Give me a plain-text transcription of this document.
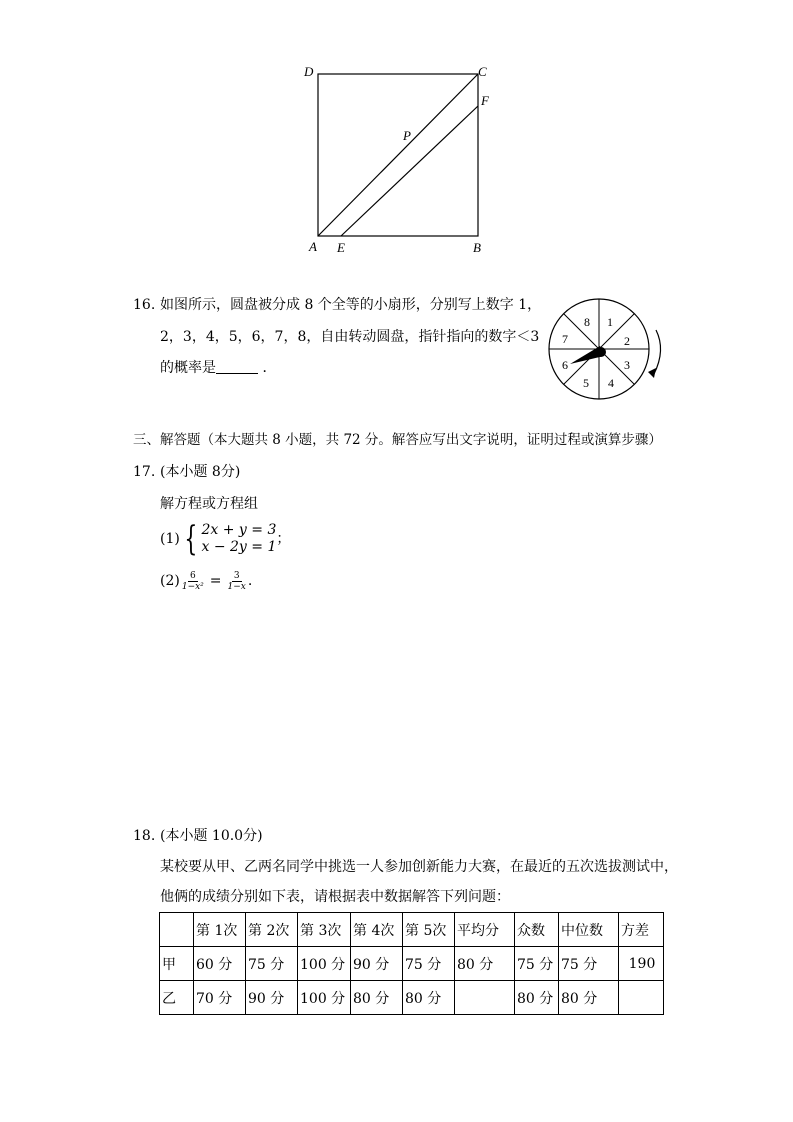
D	C
F
P
A E	B
16. 如图所示，圆盘被分成 8 个全等的小扇形，分别写上数字 1，
2，3，4，5，6，7，8，自由转动圆盘，指针指向的数字＜3
的概率是	．
1
2
3
4
5
6
7
8
三、解答题（本大题共 8 小题，共 72 分。解答应写出文字说明，证明过程或演算步骤）
17. (本小题 8分)
解方程或方程组
(1) { 2x + y = 3
x − 2y = 1 ；
$(2) \frac{6}{\text{1−x²}} = \frac{3}{1-x}$ .
18. (本小题 10.0分)
某校要从甲、乙两名同学中挑选一人参加创新能力大赛，在最近的五次选拔测试中，
他俩的成绩分别如下表，请根据表中数据解答下列问题：
	第 1次	第 2次	第 3次	第 4次	第 5次	平均分	众数	中位数	方差
甲	60 分	75 分	100 分	90 分	75 分	80 分	75 分	75 分	190
乙	70 分	90 分	100 分	80 分	80 分		80 分	80 分	
